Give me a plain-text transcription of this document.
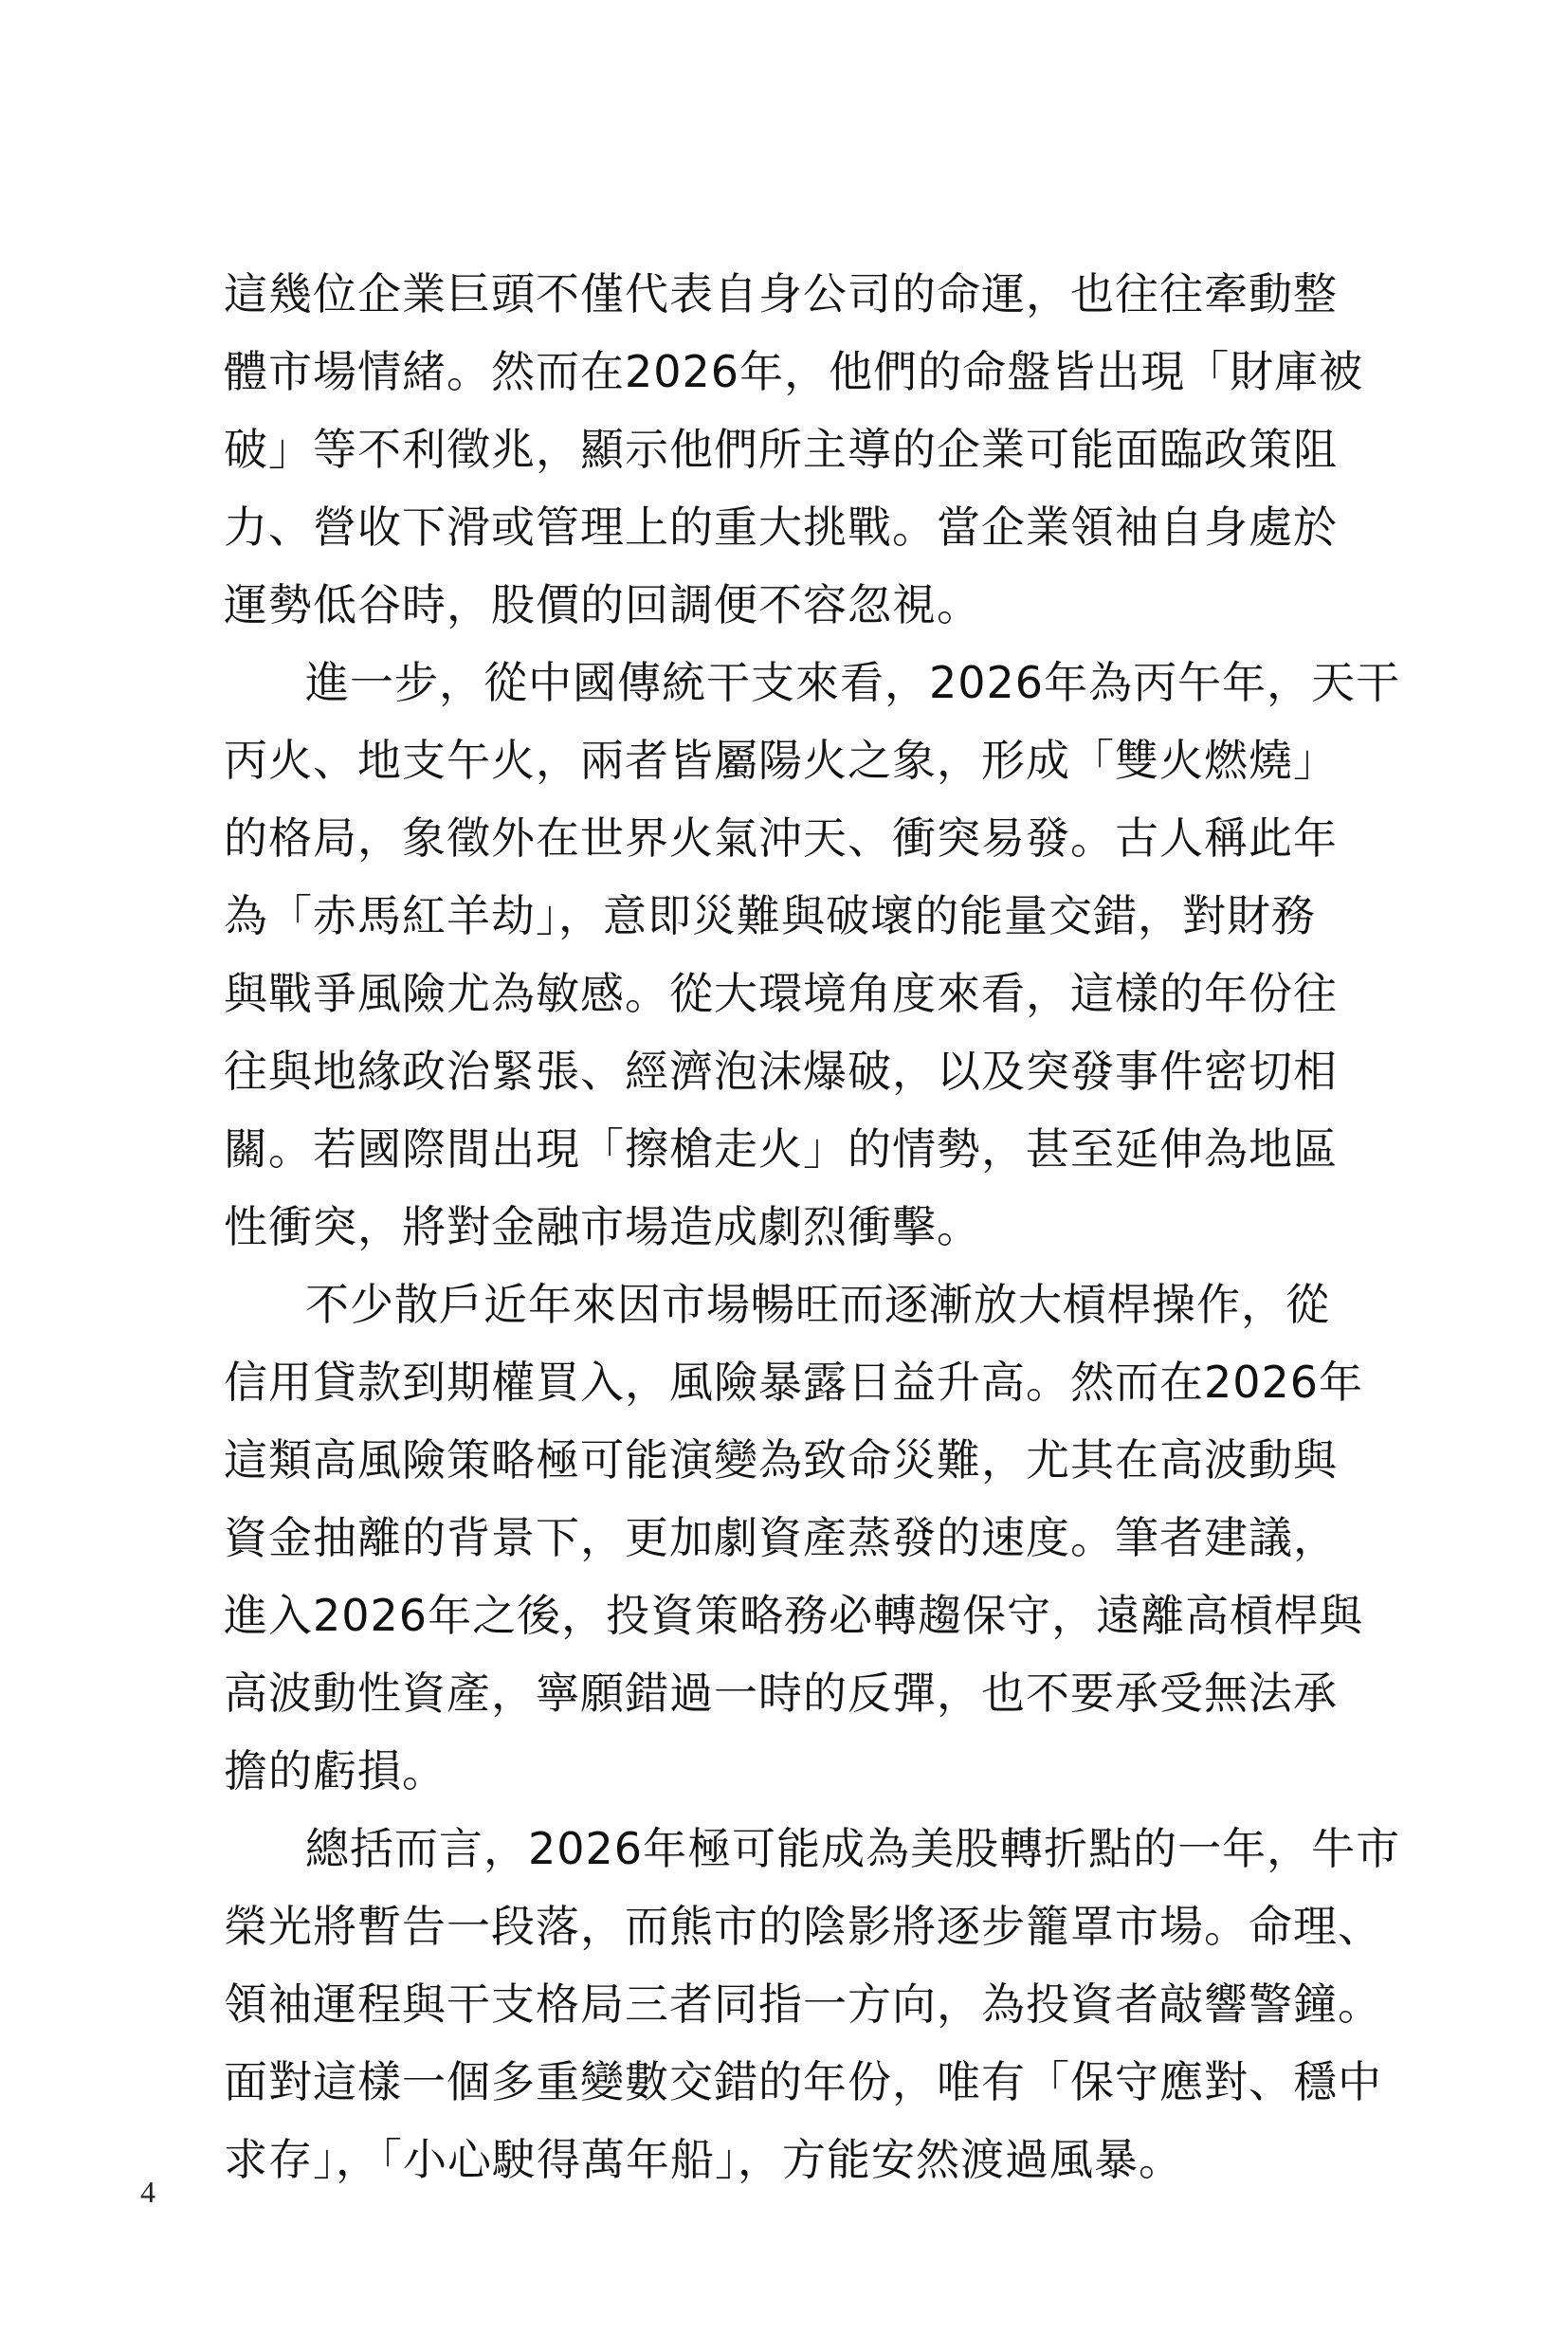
這幾位企業巨頭不僅代表自身公司的命運，也往往牽動整
體市場情緒。然而在2026年，他們的命盤皆出現「財庫被
破」等不利徵兆，顯示他們所主導的企業可能面臨政策阻
力、營收下滑或管理上的重大挑戰。當企業領袖自身處於
運勢低谷時，股價的回調便不容忽視。
進一步，從中國傳統干支來看，2026年為丙午年，天干
丙火、地支午火，兩者皆屬陽火之象，形成「雙火燃燒」
的格局，象徵外在世界火氣沖天、衝突易發。古人稱此年
為「赤馬紅羊劫」，意即災難與破壞的能量交錯，對財務
與戰爭風險尤為敏感。從大環境角度來看，這樣的年份往
往與地緣政治緊張、經濟泡沫爆破，以及突發事件密切相
關。若國際間出現「擦槍走火」的情勢，甚至延伸為地區
性衝突，將對金融市場造成劇烈衝擊。
不少散戶近年來因市場暢旺而逐漸放大槓桿操作，從
信用貸款到期權買入，風險暴露日益升高。然而在2026年
這類高風險策略極可能演變為致命災難，尤其在高波動與
資金抽離的背景下，更加劇資產蒸發的速度。筆者建議，
進入2026年之後，投資策略務必轉趨保守，遠離高槓桿與
高波動性資產，寧願錯過一時的反彈，也不要承受無法承
擔的虧損。
總括而言，2026年極可能成為美股轉折點的一年，牛市
榮光將暫告一段落，而熊市的陰影將逐步籠罩市場。命理、
領袖運程與干支格局三者同指一方向，為投資者敲響警鐘。
面對這樣一個多重變數交錯的年份，唯有「保守應對、穩中
求存」，「小心駛得萬年船」，方能安然渡過風暴。
4
